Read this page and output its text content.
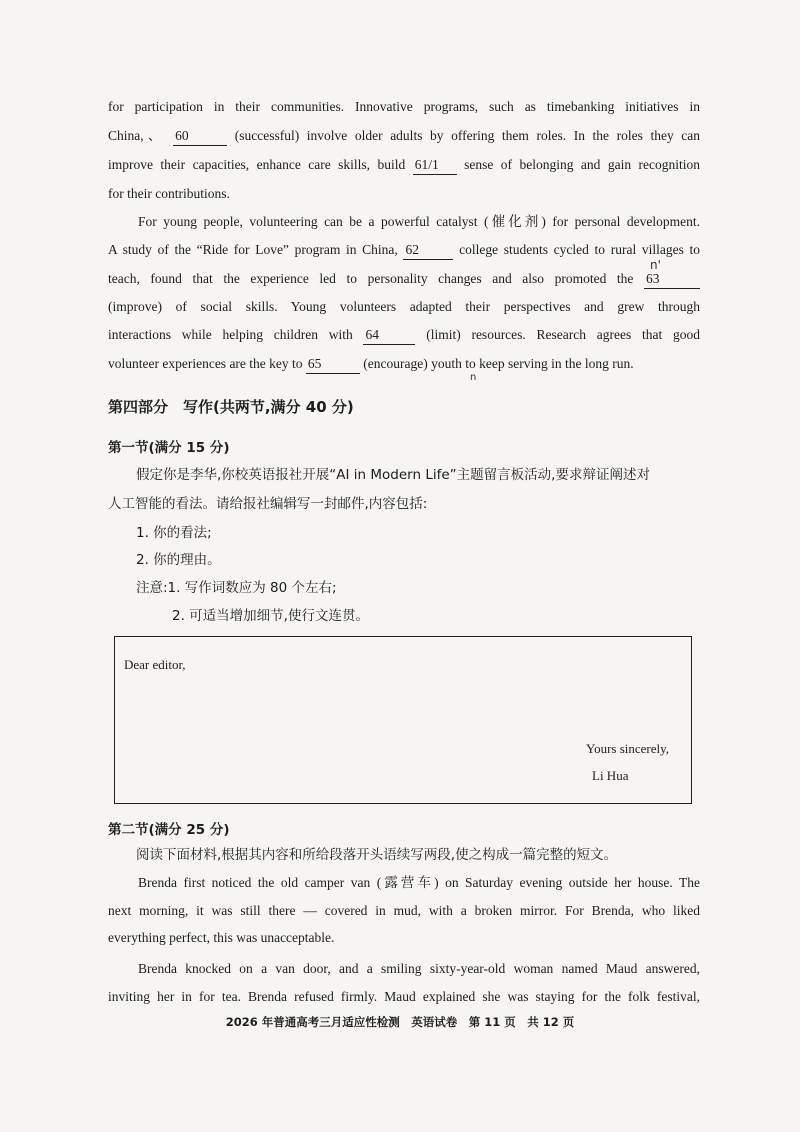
for participation in their communities. Innovative programs, such as timebanking initiatives in
China,、 60	(successful) involve older adults by offering them roles. In the roles they can
improve their capacities, enhance care skills, build 61/1 sense of belonging and gain recognition
for their contributions.
For young people, volunteering can be a powerful catalyst (催化剂) for personal development.
A study of the “Ride for Love” program in China, 62	college students cycled to rural villages to
n'
teach, found that the experience led to personality changes and also promoted the 63
(improve) of social skills. Young volunteers adapted their perspectives and grew through
interactions while helping children with 64	(limit) resources. Research agrees that good
volunteer experiences are the key to 65	(encourage) youth to keep serving in the long run.
n
第四部分　写作(共两节,满分 40 分)
第一节(满分 15 分)
假定你是李华,你校英语报社开展“AI in Modern Life”主题留言板活动,要求辩证阐述对
人工智能的看法。请给报社编辑写一封邮件,内容包括:
1. 你的看法;
2. 你的理由。
注意:1. 写作词数应为 80 个左右;
2. 可适当增加细节,使行文连贯。
Dear editor,
Yours sincerely,
Li Hua
第二节(满分 25 分)
阅读下面材料,根据其内容和所给段落开头语续写两段,使之构成一篇完整的短文。
Brenda first noticed the old camper van (露营车) on Saturday evening outside her house. The
next morning, it was still there — covered in mud, with a broken mirror. For Brenda, who liked
everything perfect, this was unacceptable.
Brenda knocked on a van door, and a smiling sixty-year-old woman named Maud answered,
inviting her in for tea. Brenda refused firmly. Maud explained she was staying for the folk festival,
2026 年普通高考三月适应性检测　英语试卷　第 11 页　共 12 页
